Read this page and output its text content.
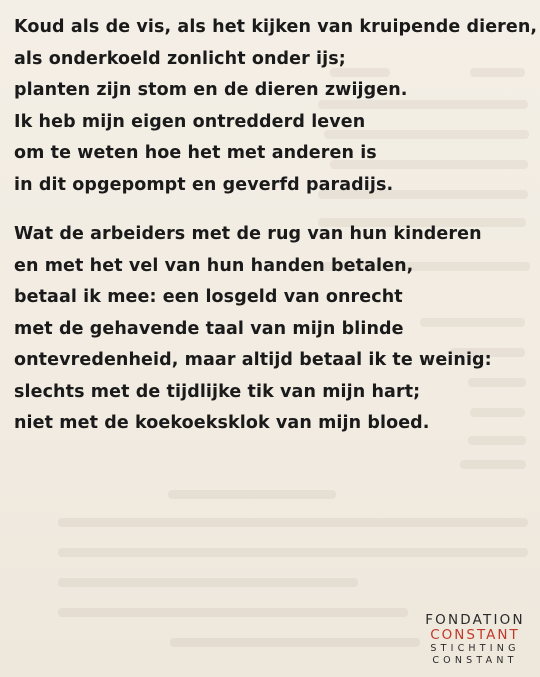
Koud als de vis, als het kijken van kruipende dieren,
als onderkoeld zonlicht onder ijs;
planten zijn stom en de dieren zwijgen.
Ik heb mijn eigen ontredderd leven
om te weten hoe het met anderen is
in dit opgepompt en geverfd paradijs.
Wat de arbeiders met de rug van hun kinderen
en met het vel van hun handen betalen,
betaal ik mee: een losgeld van onrecht
met de gehavende taal van mijn blinde
ontevredenheid, maar altijd betaal ik te weinig:
slechts met de tijdlijke tik van mijn hart;
niet met de koekoeksklok van mijn bloed.
FONDATION
CONSTANT
STICHTING
CONSTANT
